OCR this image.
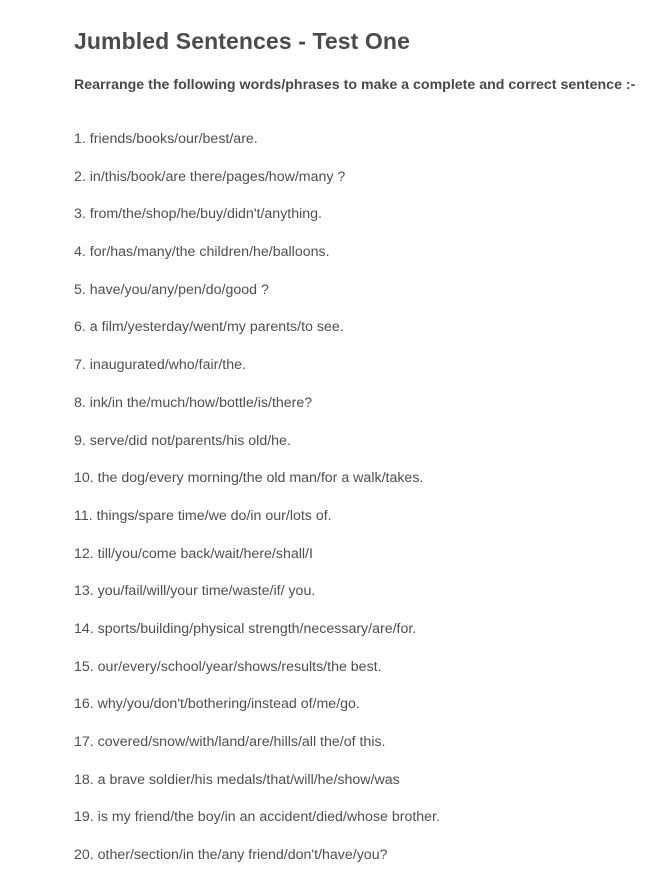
Jumbled Sentences - Test One

Rearrange the following words/phrases to make a complete and correct sentence :-

1. friends/books/our/best/are.
2. in/this/book/are there/pages/how/many ?
3. from/the/shop/he/buy/didn't/anything.
4. for/has/many/the children/he/balloons.
5. have/you/any/pen/do/good ?
6. a film/yesterday/went/my parents/to see.
7. inaugurated/who/fair/the.
8. ink/in the/much/how/bottle/is/there?
9. serve/did not/parents/his old/he.
10. the dog/every morning/the old man/for a walk/takes.
11. things/spare time/we do/in our/lots of.
12. till/you/come back/wait/here/shall/I
13. you/fail/will/your time/waste/if/ you.
14. sports/building/physical strength/necessary/are/for.
15. our/every/school/year/shows/results/the best.
16. why/you/don't/bothering/instead of/me/go.
17. covered/snow/with/land/are/hills/all the/of this.
18. a brave soldier/his medals/that/will/he/show/was
19. is my friend/the boy/in an accident/died/whose brother.
20. other/section/in the/any friend/don't/have/you?
